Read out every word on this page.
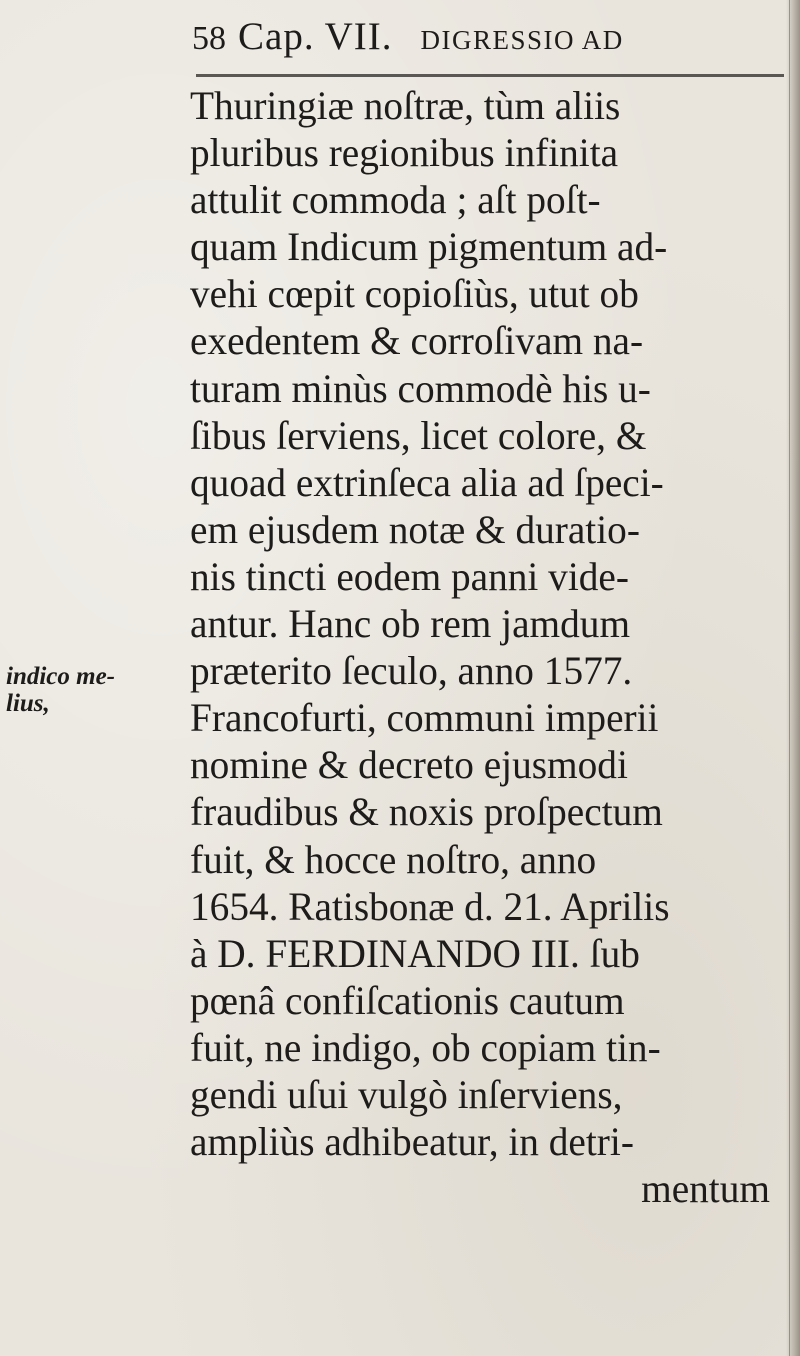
58 Cap. VII. DIGRESSIO AD
indico me-
lius,
Thuringiæ noſtræ, tùm aliis
pluribus regionibus infinita
attulit commoda ; aſt poſt-
quam Indicum pigmentum ad-
vehi cœpit copioſiùs, utut ob
exedentem & corroſivam na-
turam minùs commodè his u-
ſibus ſerviens, licet colore, &
quoad extrinſeca alia ad ſpeci-
em ejusdem notæ & duratio-
nis tincti eodem panni vide-
antur. Hanc ob rem jamdum
præterito ſeculo, anno 1577.
Francofurti, communi imperii
nomine & decreto ejusmodi
fraudibus & noxis proſpectum
fuit, & hocce noſtro, anno
1654. Ratisbonæ d. 21. Aprilis
à D. FERDINANDO III. ſub
pœnâ confiſcationis cautum
fuit, ne indigo, ob copiam tin-
gendi uſui vulgò inſerviens,
ampliùs adhibeatur, in detri-
mentum
